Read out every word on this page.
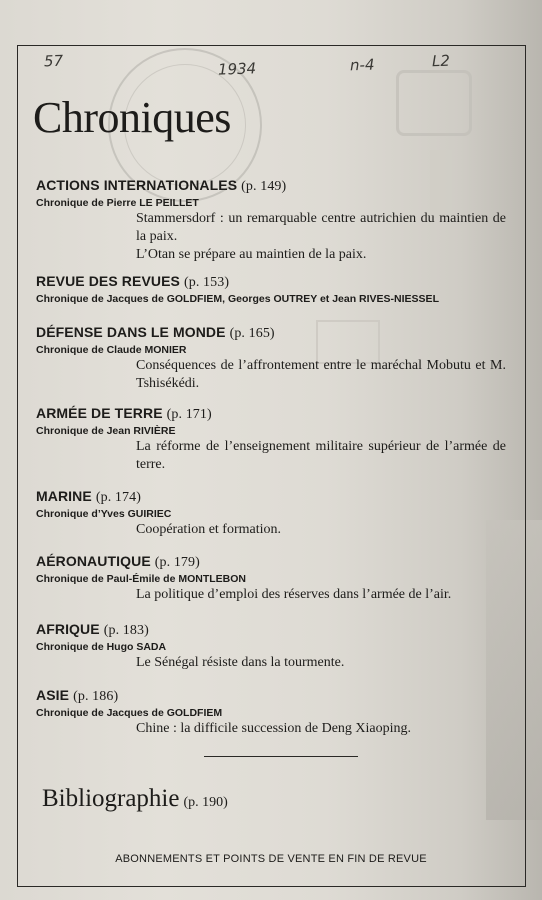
57	1934	n-4	L2
Chroniques
ACTIONS INTERNATIONALES (p. 149)
Chronique de Pierre LE PEILLET
Stammersdorf : un remarquable centre autrichien du maintien de la paix.
L’Otan se prépare au maintien de la paix.
REVUE DES REVUES (p. 153)
Chronique de Jacques de GOLDFIEM, Georges OUTREY et Jean RIVES-NIESSEL
DÉFENSE DANS LE MONDE (p. 165)
Chronique de Claude MONIER
Conséquences de l’affrontement entre le maréchal Mobutu et M. Tshisékédi.
ARMÉE DE TERRE (p. 171)
Chronique de Jean RIVIÈRE
La réforme de l’enseignement militaire supérieur de l’armée de terre.
MARINE (p. 174)
Chronique d’Yves GUIRIEC
Coopération et formation.
AÉRONAUTIQUE (p. 179)
Chronique de Paul-Émile de MONTLEBON
La politique d’emploi des réserves dans l’armée de l’air.
AFRIQUE (p. 183)
Chronique de Hugo SADA
Le Sénégal résiste dans la tourmente.
ASIE (p. 186)
Chronique de Jacques de GOLDFIEM
Chine : la difficile succession de Deng Xiaoping.
Bibliographie (p. 190)
ABONNEMENTS ET POINTS DE VENTE EN FIN DE REVUE
